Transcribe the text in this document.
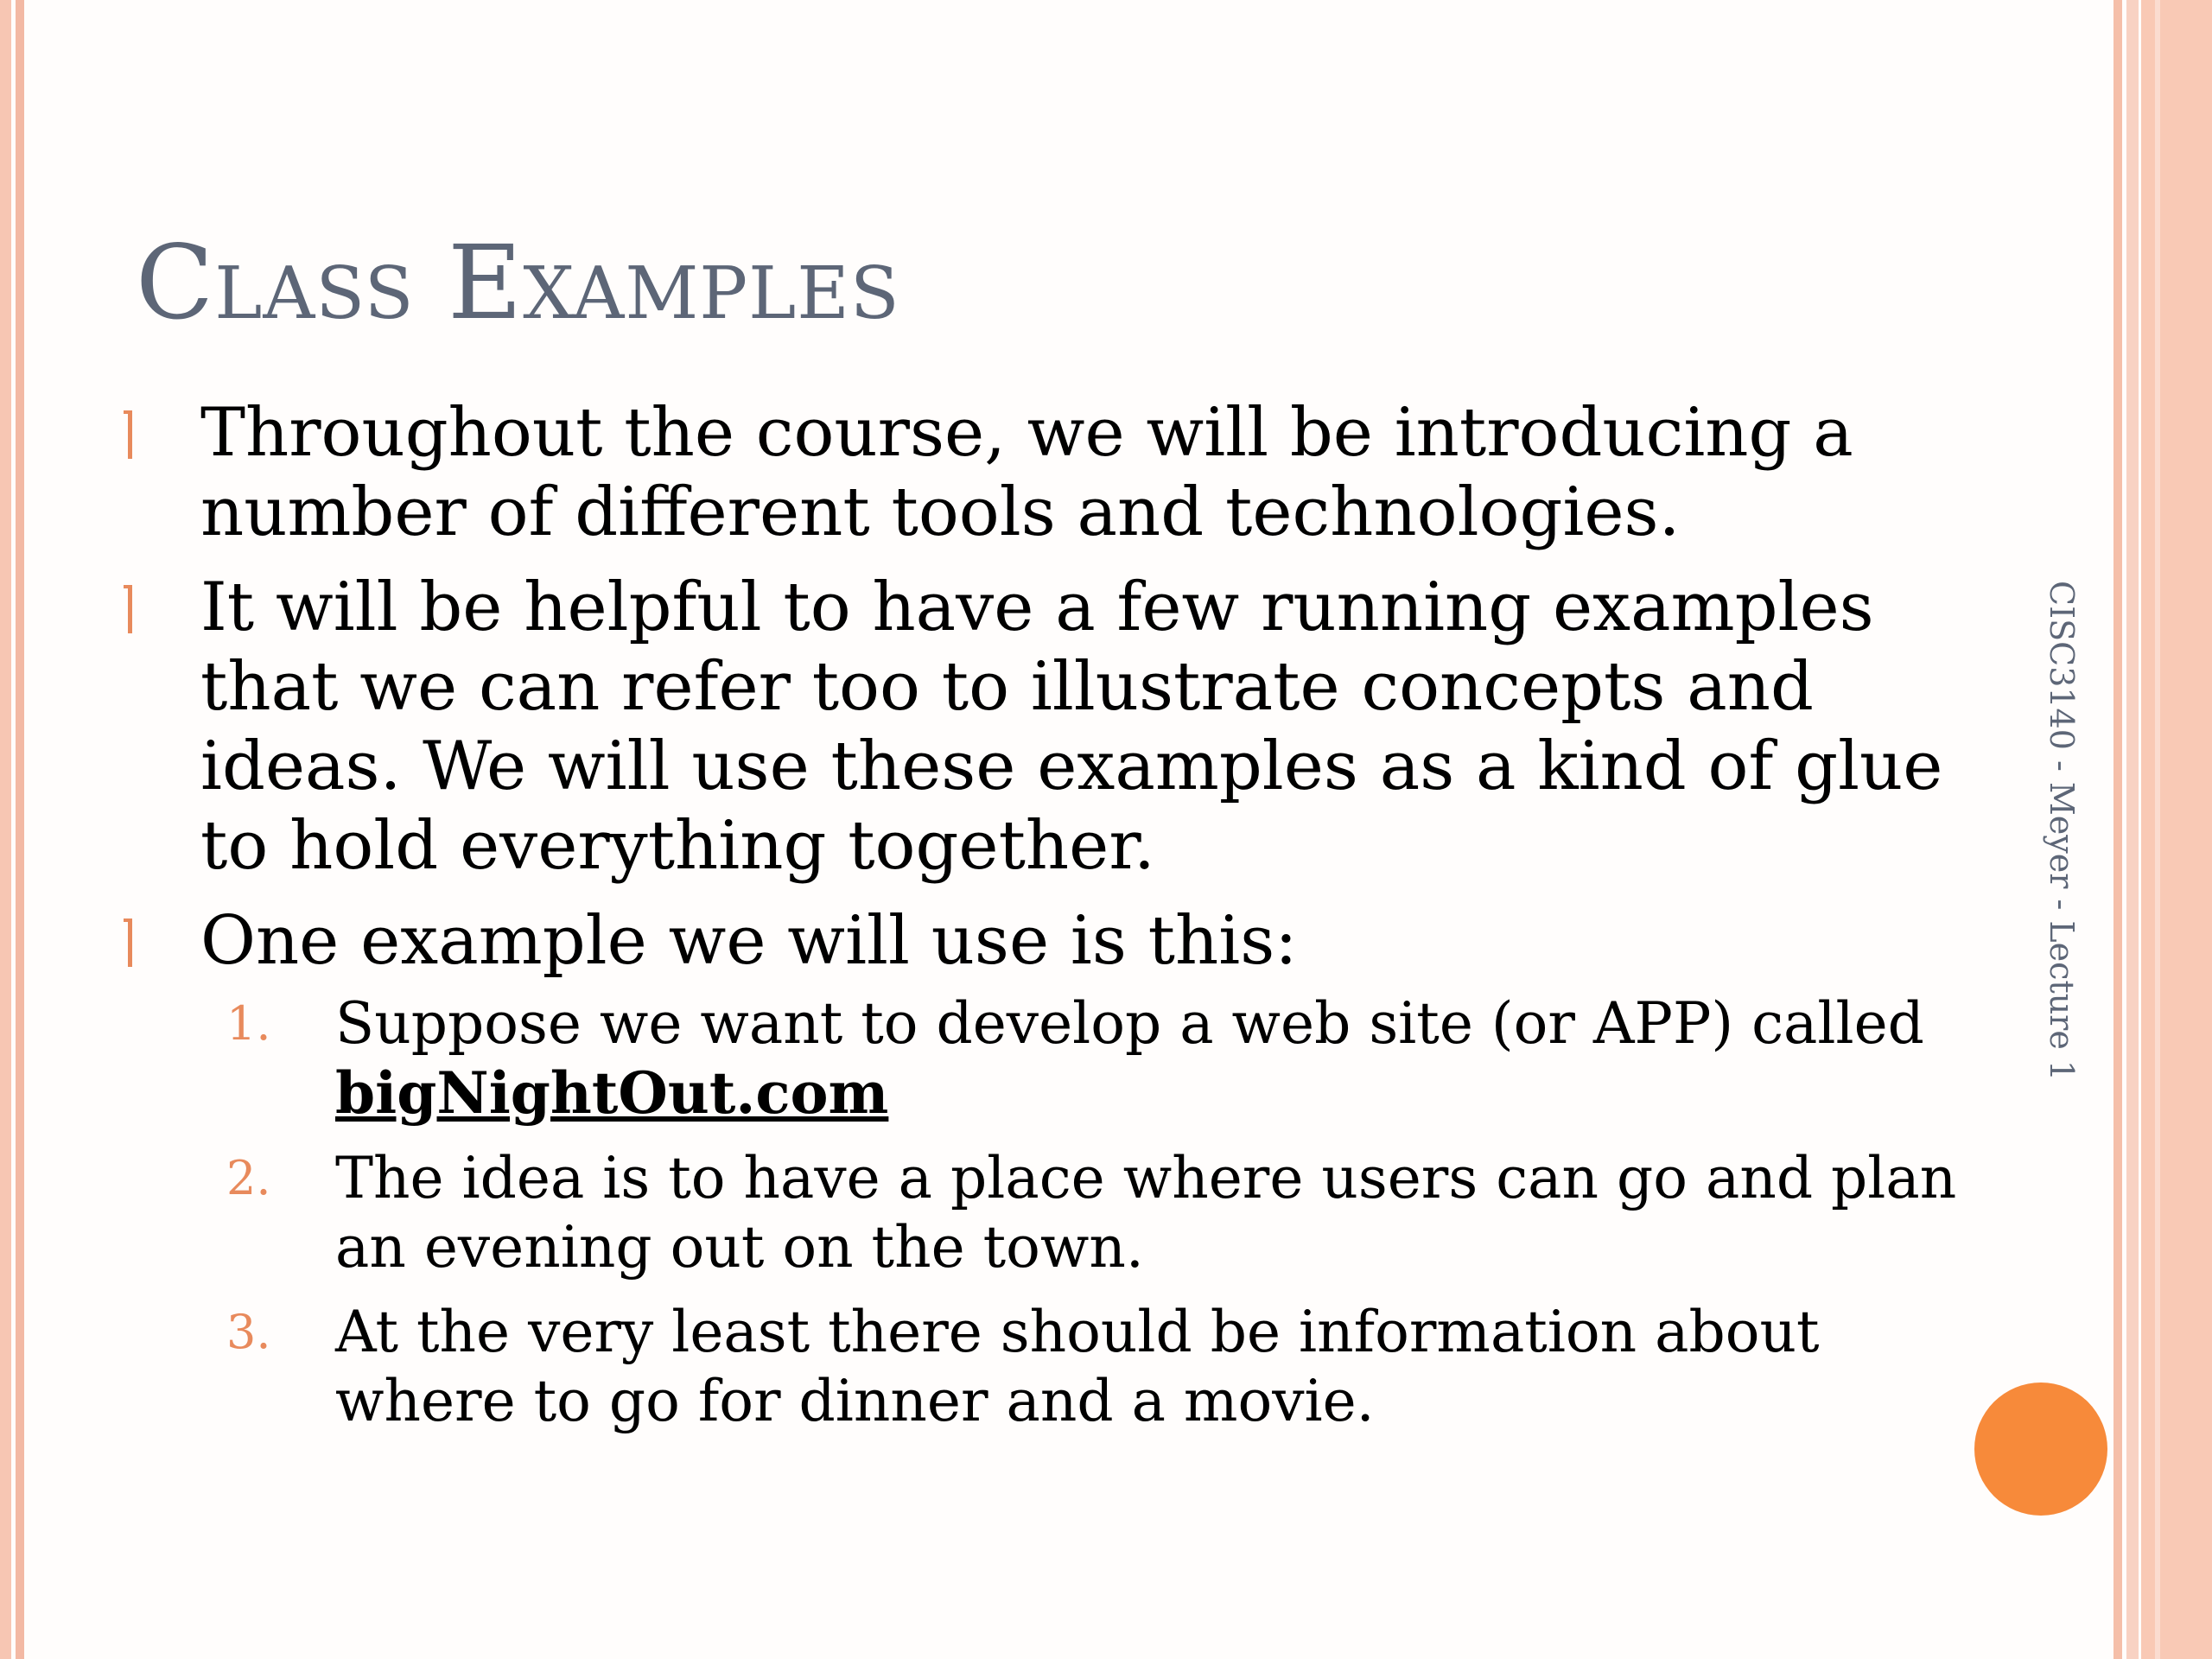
Class Examples
Throughout the course, we will be introducing a number of different tools and technologies.
It will be helpful to have a few running examples that we can refer too to illustrate concepts and ideas. We will use these examples as a kind of glue to hold everything together.
One example we will use is this:
1. Suppose we want to develop a web site (or APP) called bigNightOut.com
2. The idea is to have a place where users can go and plan an evening out on the town.
3. At the very least there should be information about where to go for dinner and a movie.
CISC3140 - Meyer - Lecture 1
